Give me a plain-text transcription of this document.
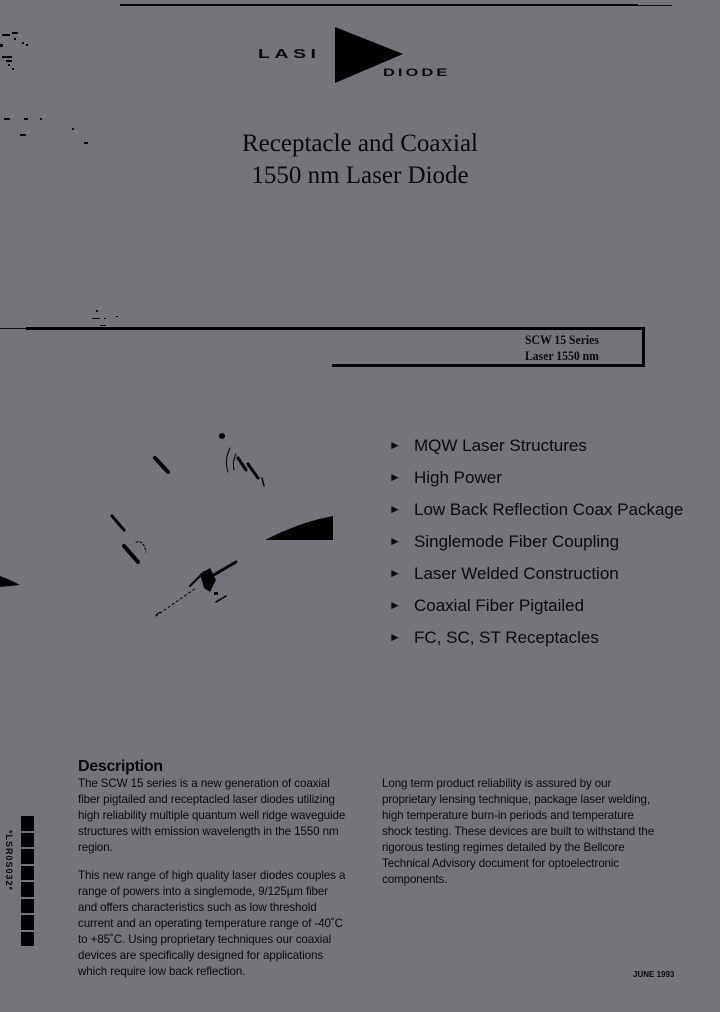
LASI
DIODE
Receptacle and Coaxial
1550 nm Laser Diode
SCW 15 Series
Laser 1550 nm
► MQW Laser Structures
► High Power
► Low Back Reflection Coax Package
► Singlemode Fiber Coupling
► Laser Welded Construction
► Coaxial Fiber Pigtailed
► FC, SC, ST Receptacles
Description
The SCW 15 series is a new generation of coaxial fiber pigtailed and receptacled laser diodes utilizing high reliability multiple quantum well ridge waveguide structures with emission wavelength in the 1550 nm region.
This new range of high quality laser diodes couples a range of powers into a singlemode, 9/125µm fiber and offers characteristics such as low threshold current and an operating temperature range of -40˚C to +85˚C. Using proprietary techniques our coaxial devices are specifically designed for applications which require low back reflection.
Long term product reliability is assured by our proprietary lensing technique, package laser welding, high temperature burn-in periods and temperature shock testing. These devices are built to withstand the rigorous testing regimes detailed by the Bellcore Technical Advisory document for optoelectronic components.
*LSR0S032*
JUNE 1993
